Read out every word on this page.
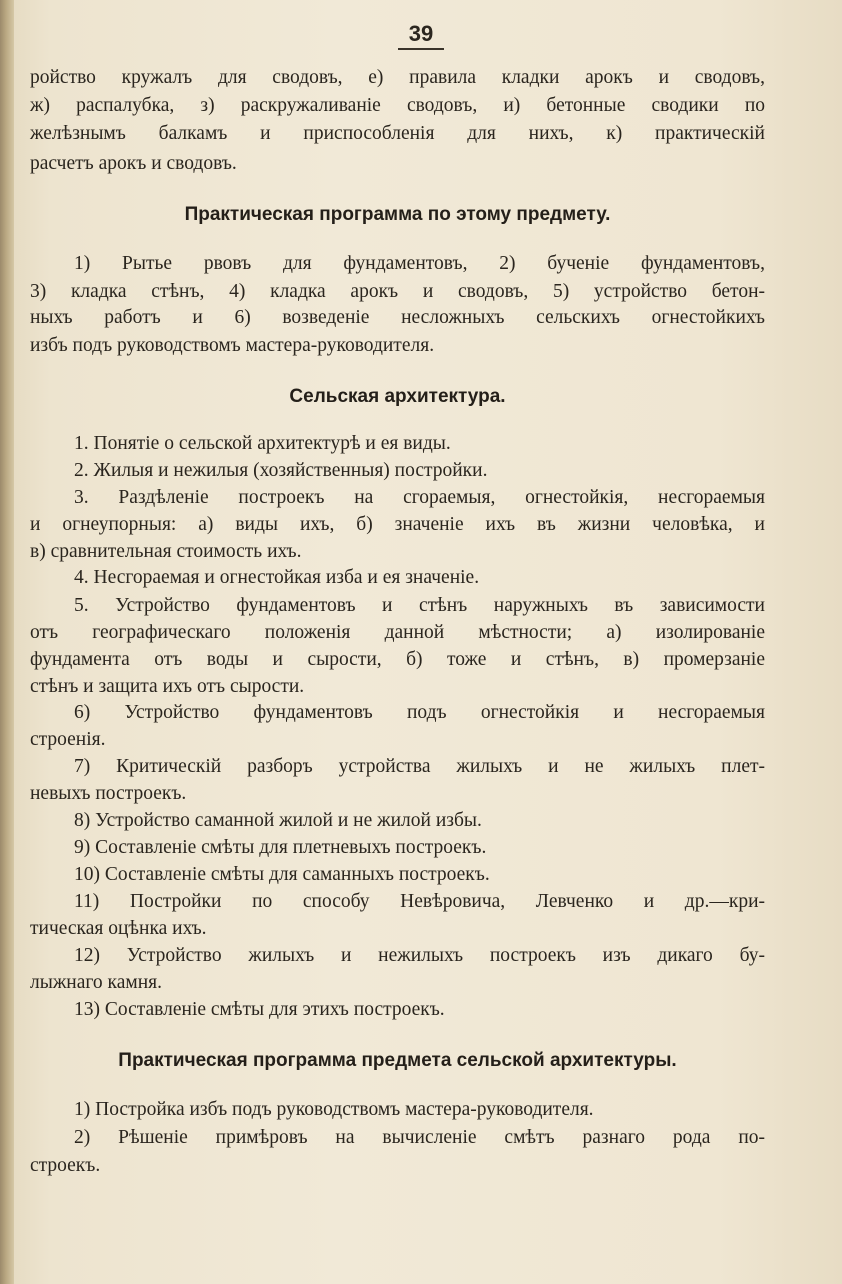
39
ройство кружалъ для сводовъ, е) правила кладки арокъ и сводовъ,
ж) распалубка, з) раскружаливаніе сводовъ, и) бетонные сводики по
желѣзнымъ балкамъ и приспособленія для нихъ, к) практическій
расчетъ арокъ и сводовъ.
Практическая программа по этому предмету.
1) Рытье рвовъ для фундаментовъ, 2) бученіе фундаментовъ,
3) кладка стѣнъ, 4) кладка арокъ и сводовъ, 5) устройство бетон-
ныхъ работъ и 6) возведеніе несложныхъ сельскихъ огнестойкихъ
избъ подъ руководствомъ мастера-руководителя.
Сельская архитектура.
1. Понятіе о сельской архитектурѣ и ея виды.
2. Жилыя и нежилыя (хозяйственныя) постройки.
3. Раздѣленіе построекъ на сгораемыя, огнестойкія, несгораемыя
и огнеупорныя: а) виды ихъ, б) значеніе ихъ въ жизни человѣка, и
в) сравнительная стоимость ихъ.
4. Несгораемая и огнестойкая изба и ея значеніе.
5. Устройство фундаментовъ и стѣнъ наружныхъ въ зависимости
отъ географическаго положенія данной мѣстности; а) изолированіе
фундамента отъ воды и сырости, б) тоже и стѣнъ, в) промерзаніе
стѣнъ и защита ихъ отъ сырости.
6) Устройство фундаментовъ подъ огнестойкія и несгораемыя
строенія.
7) Критическій разборъ устройства жилыхъ и не жилыхъ плет-
невыхъ построекъ.
8) Устройство саманной жилой и не жилой избы.
9) Составленіе смѣты для плетневыхъ построекъ.
10) Составленіе смѣты для саманныхъ построекъ.
11) Постройки по способу Невѣровича, Левченко и др.—кри-
тическая оцѣнка ихъ.
12) Устройство жилыхъ и нежилыхъ построекъ изъ дикаго бу-
лыжнаго камня.
13) Составленіе смѣты для этихъ построекъ.
Практическая программа предмета сельской архитектуры.
1) Постройка избъ подъ руководствомъ мастера-руководителя.
2) Рѣшеніе примѣровъ на вычисленіе смѣтъ разнаго рода по-
строекъ.
